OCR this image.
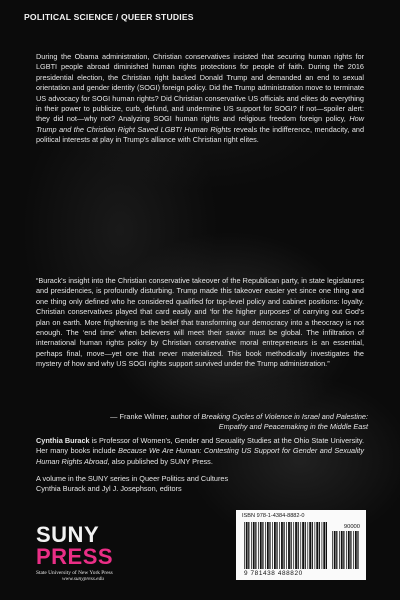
POLITICAL SCIENCE / QUEER STUDIES

During the Obama administration, Christian conservatives insisted that securing human rights for LGBTI people abroad diminished human rights protections for people of faith. During the 2016 presidential election, the Christian right backed Donald Trump and demanded an end to sexual orientation and gender identity (SOGI) foreign policy. Did the Trump administration move to terminate US advocacy for SOGI human rights? Did Christian conservative US officials and elites do everything in their power to publicize, curb, defund, and undermine US support for SOGI? If not—spoiler alert: they did not—why not? Analyzing SOGI human rights and religious freedom foreign policy, How Trump and the Christian Right Saved LGBTI Human Rights reveals the indifference, mendacity, and political interests at play in Trump's alliance with Christian right elites.

“Burack's insight into the Christian conservative takeover of the Republican party, in state legislatures and presidencies, is profoundly disturbing. Trump made this takeover easier yet since one thing and one thing only defined who he considered qualified for top-level policy and cabinet positions: loyalty. Christian conservatives played that card easily and ‘for the higher purposes’ of carrying out God's plan on earth. More frightening is the belief that transforming our democracy into a theocracy is not enough. The ‘end time’ when believers will meet their savior must be global. The infiltration of international human rights policy by Christian conservative moral entrepreneurs is an essential, perhaps final, move—yet one that never materialized. This book methodically investigates the mystery of how and why US SOGI rights support survived under the Trump administration.”

— Franke Wilmer, author of Breaking Cycles of Violence in Israel and Palestine: Empathy and Peacemaking in the Middle East

Cynthia Burack is Professor of Women's, Gender and Sexuality Studies at the Ohio State University. Her many books include Because We Are Human: Contesting US Support for Gender and Sexuality Human Rights Abroad, also published by SUNY Press.

A volume in the SUNY series in Queer Politics and Cultures
Cynthia Burack and Jyl J. Josephson, editors
SUNY
PRESS
State University of New York Press
www.sunypress.edu
ISBN 978-1-4384-8882-0
90000
9 781438 488820
